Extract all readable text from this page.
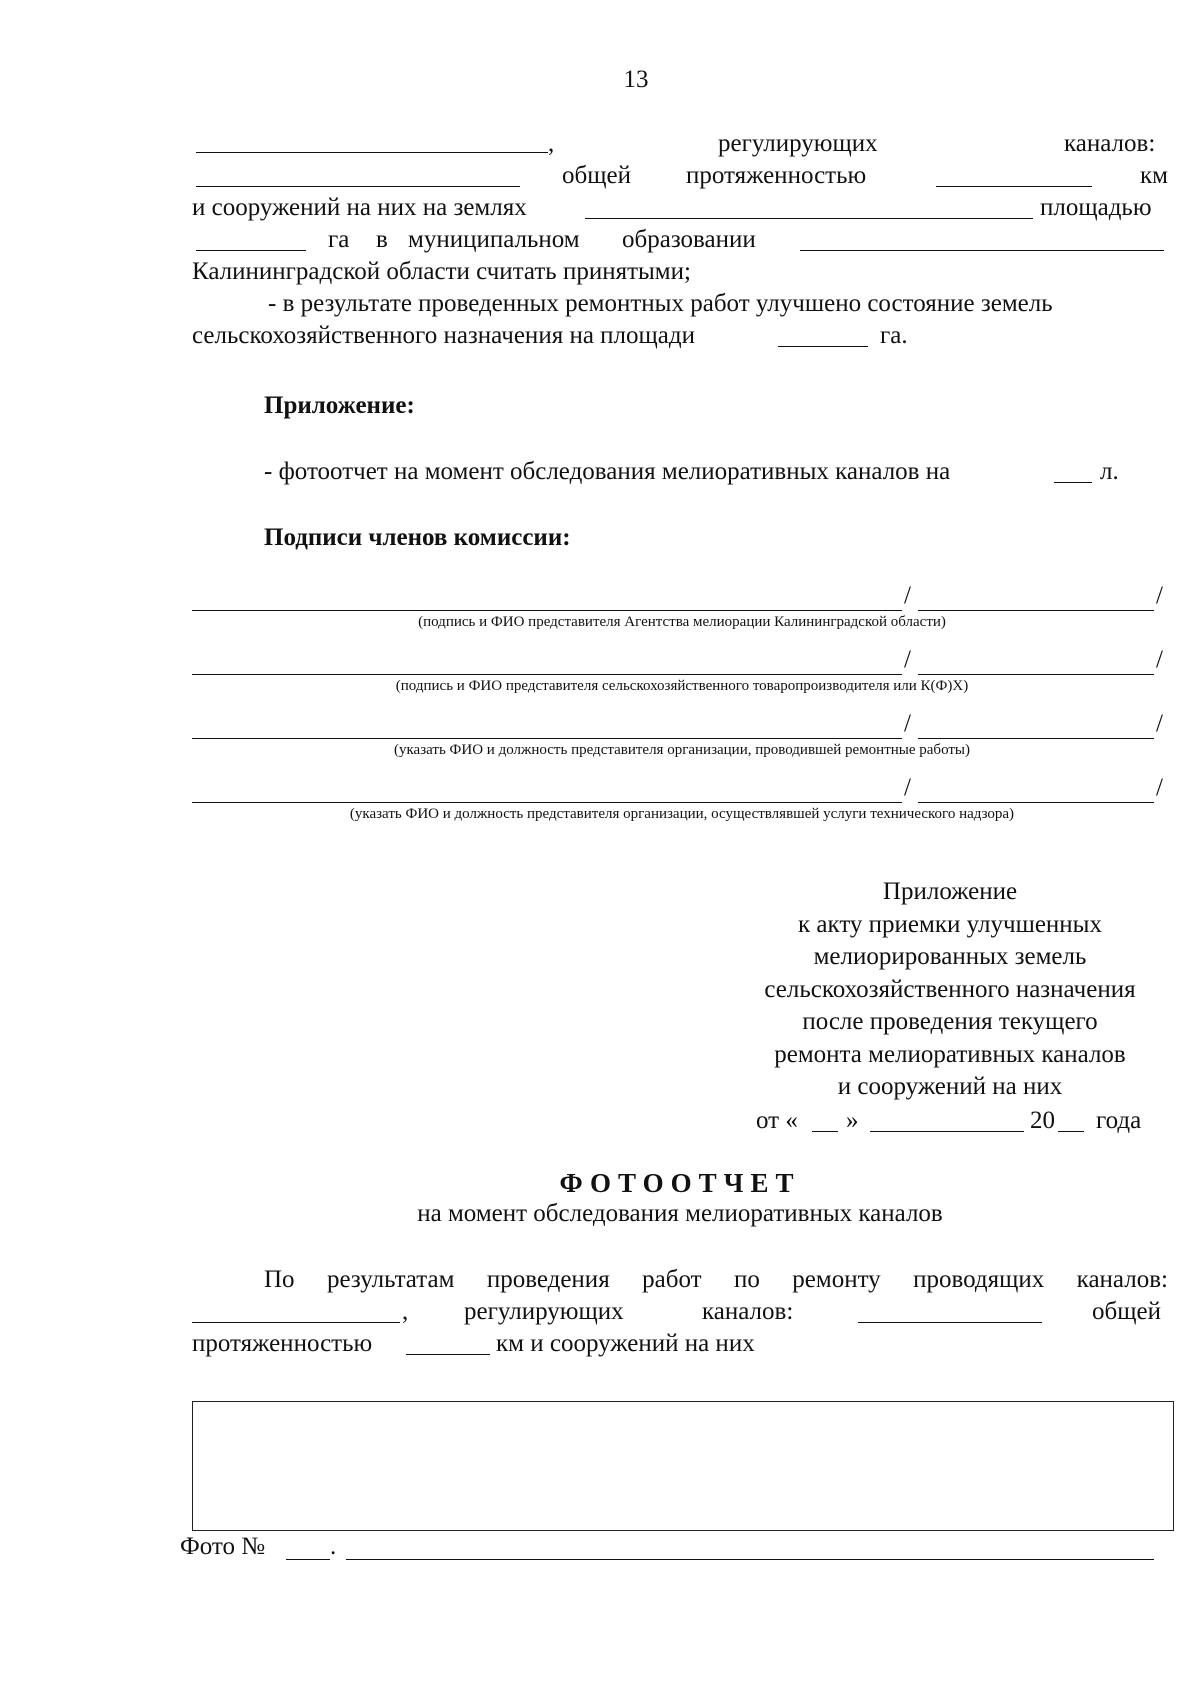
13
,	регулирующих	каналов:
общей протяженностью	км
и сооружений на них на землях	площадью
га в муниципальном образовании
Калининградской области считать принятыми;
- в результате проведенных ремонтных работ улучшено состояние земель
сельскохозяйственного назначения на площади	га.
Приложение:
- фотоотчет на момент обследования мелиоративных каналов на	л.
Подписи членов комиссии:
/	/
(подпись и ФИО представителя Агентства мелиорации Калининградской области)
/	/
(подпись и ФИО представителя сельскохозяйственного товаропроизводителя или К(Ф)Х)
/	/
(указать ФИО и должность представителя организации, проводившей ремонтные работы)
/	/
(указать ФИО и должность представителя организации, осуществлявшей услуги технического надзора)
Приложение
к акту приемки улучшенных
мелиорированных земель
сельскохозяйственного назначения
после проведения текущего
ремонта мелиоративных каналов
и сооружений на них
от « »	20 года
ФОТООТЧЕТ
на момент обследования мелиоративных каналов
По результатам проведения работ по ремонту проводящих каналов:
, регулирующих	каналов:	общей
протяженностью	км и сооружений на них
Фото №	.
